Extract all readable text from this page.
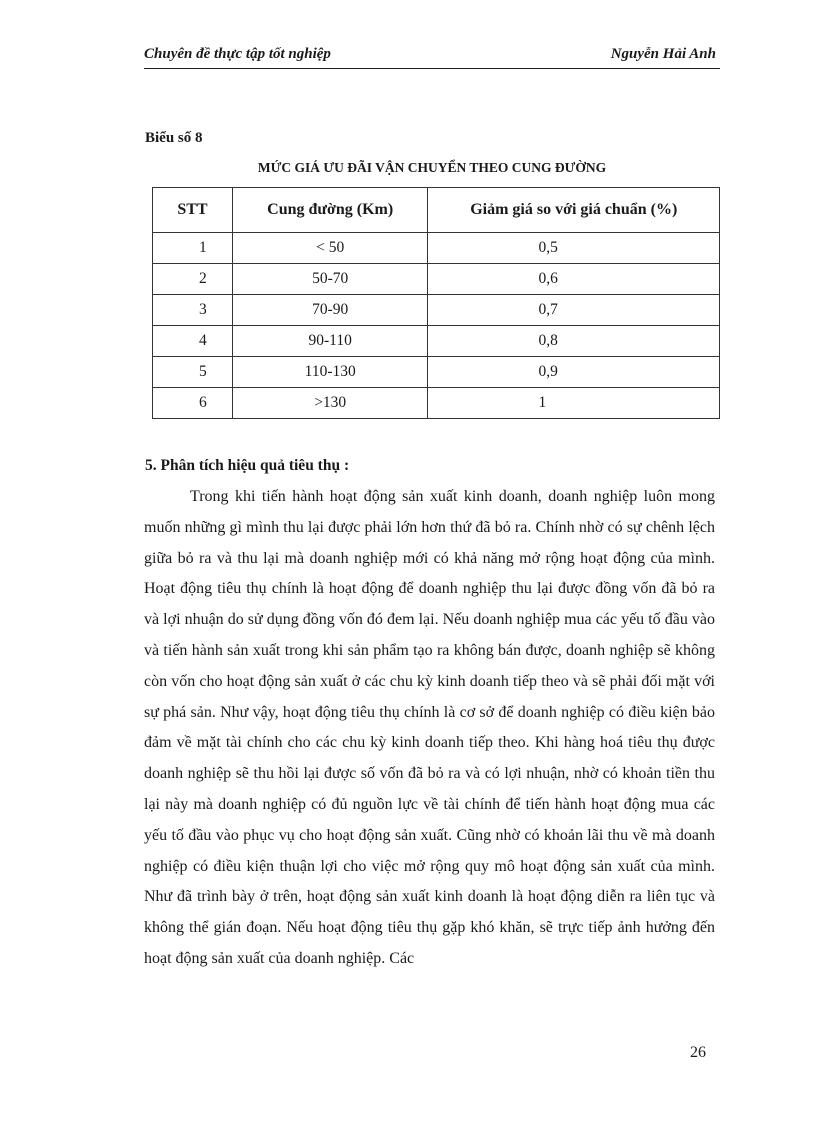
Chuyên đề thực tập tốt nghiệp	Nguyễn Hải Anh
Biểu số 8
MỨC GIÁ ƯU ĐÃI VẬN CHUYỂN THEO CUNG ĐƯỜNG
STT	Cung đường (Km)	Giảm giá so với giá chuẩn (%)
1	< 50	0,5
2	50-70	0,6
3	70-90	0,7
4	90-110	0,8
5	110-130	0,9
6	>130	1
5. Phân tích hiệu quả tiêu thụ :

Trong khi tiến hành hoạt động sản xuất kinh doanh, doanh nghiệp luôn mong muốn những gì mình thu lại được phải lớn hơn thứ đã bỏ ra. Chính nhờ có sự chênh lệch giữa bỏ ra và thu lại mà doanh nghiệp mới có khả năng mở rộng hoạt động của mình. Hoạt động tiêu thụ chính là hoạt động để doanh nghiệp thu lại được đồng vốn đã bỏ ra và lợi nhuận do sử dụng đồng vốn đó đem lại. Nếu doanh nghiệp mua các yếu tố đầu vào và tiến hành sản xuất trong khi sản phẩm tạo ra không bán được, doanh nghiệp sẽ không còn vốn cho hoạt động sản xuất ở các chu kỳ kinh doanh tiếp theo và sẽ phải đối mặt với sự phá sản. Như vậy, hoạt động tiêu thụ chính là cơ sở để doanh nghiệp có điều kiện bảo đảm về mặt tài chính cho các chu kỳ kinh doanh tiếp theo. Khi hàng hoá tiêu thụ được doanh nghiệp sẽ thu hồi lại được số vốn đã bỏ ra và có lợi nhuận, nhờ có khoản tiền thu lại này mà doanh nghiệp có đủ nguồn lực về tài chính để tiến hành hoạt động mua các yếu tố đầu vào phục vụ cho hoạt động sản xuất. Cũng nhờ có khoản lãi thu về mà doanh nghiệp có điều kiện thuận lợi cho việc mở rộng quy mô hoạt động sản xuất của mình. Như đã trình bày ở trên, hoạt động sản xuất kinh doanh là hoạt động diễn ra liên tục và không thể gián đoạn. Nếu hoạt động tiêu thụ gặp khó khăn, sẽ trực tiếp ảnh hưởng đến hoạt động sản xuất của doanh nghiệp. Các

26
